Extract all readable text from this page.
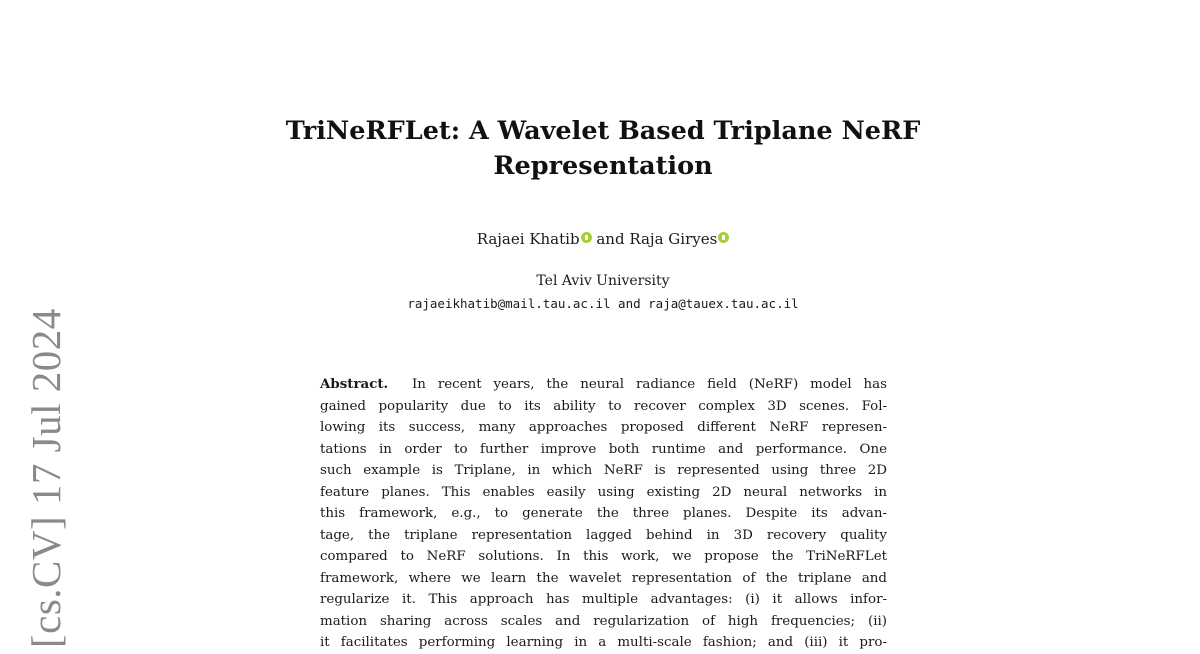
[cs.CV] 17 Jul 2024
TriNeRFLet: A Wavelet Based Triplane NeRF Representation
Rajaei Khatib and Raja Giryes
Tel Aviv University
rajaeikhatib@mail.tau.ac.il and raja@tauex.tau.ac.il
Abstract. In recent years, the neural radiance field (NeRF) model has
gained popularity due to its ability to recover complex 3D scenes. Fol-
lowing its success, many approaches proposed different NeRF represen-
tations in order to further improve both runtime and performance. One
such example is Triplane, in which NeRF is represented using three 2D
feature planes. This enables easily using existing 2D neural networks in
this framework, e.g., to generate the three planes. Despite its advan-
tage, the triplane representation lagged behind in 3D recovery quality
compared to NeRF solutions. In this work, we propose the TriNeRFLet
framework, where we learn the wavelet representation of the triplane and
regularize it. This approach has multiple advantages: (i) it allows infor-
mation sharing across scales and regularization of high frequencies; (ii)
it facilitates performing learning in a multi-scale fashion; and (iii) it pro-
